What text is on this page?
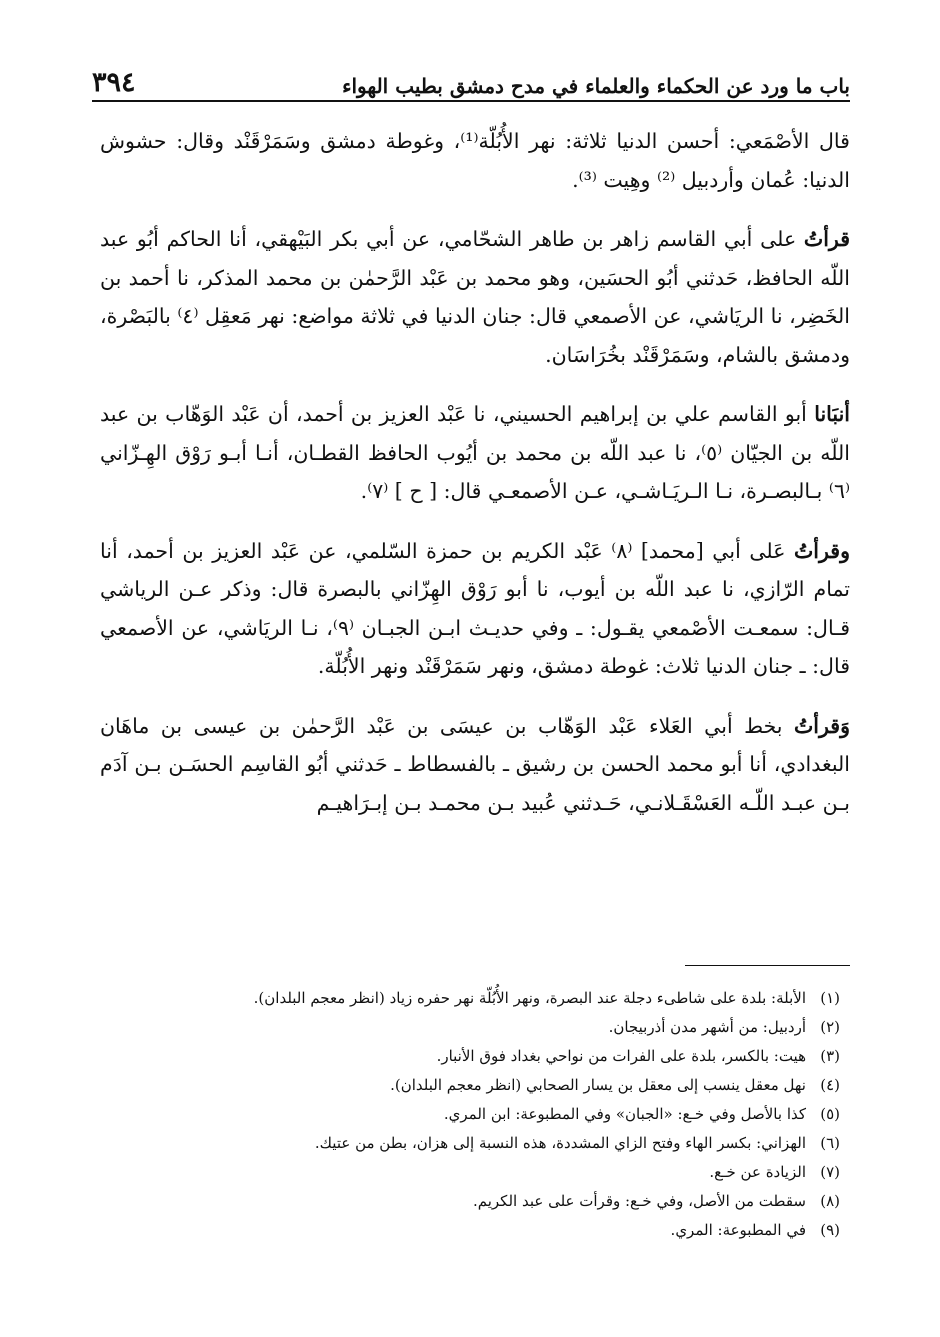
باب ما ورد عن الحكماء والعلماء في مدح دمشق بطيب الهواء
٣٩٤

قال الأصْمَعي: أحسن الدنيا ثلاثة: نهر الأُبُلّة⁽¹⁾، وغوطة دمشق وسَمَرْقَنْد وقال: حشوش الدنيا: عُمان وأردبيل ⁽²⁾ وهِيت ⁽³⁾.

قرأتُ على أبي القاسم زاهر بن طاهر الشحّامي، عن أبي بكر البَيْهقي، أنا الحاكم أبُو عبد اللّه الحافظ، حَدثني أبُو الحسَين، وهو محمد بن عَبْد الرَّحمٰن بن محمد المذكر، نا أحمد بن الخَضِر، نا الريَاشي، عن الأصمعي قال: جنان الدنيا في ثلاثة مواضع: نهر مَعقِل ⁽٤⁾ بالبَصْرة، ودمشق بالشام، وسَمَرْقَنْد بخُرَاسَان.

أنبَانا أبو القاسم علي بن إبراهيم الحسيني، نا عَبْد العزيز بن أحمد، أن عَبْد الوَهّاب بن عبد اللّه بن الجيّان ⁽٥⁾، نا عبد اللّه بن محمد بن أيُوب الحافظ القطـان، أنـا أبـو رَوْق الهِـزّاني ⁽٦⁾ بـالبصـرة، نـا الـريَـاشـي، عـن الأصمعـي قال: [ ح ] ⁽٧⁾.

وقرأتُ عَلى أبي [محمد] ⁽٨⁾ عَبْد الكريم بن حمزة السّلمي، عن عَبْد العزيز بن أحمد، أنا تمام الرّازي، نا عبد اللّه بن أيوب، نا أبو رَوْق الهِزّاني بالبصرة قال: وذكر عـن الرياشي قـال: سمعـت الأصْمعي يقـول: ـ وفي حديـث ابـن الجبـان ⁽٩⁾، نـا الريَاشي، عن الأصمعي قال: ـ جنان الدنيا ثلاث: غوطة دمشق، ونهر سَمَرْقَنْد ونهر الأُبُلّة.

وَقرأتُ بخط أبي العَلاء عَبْد الوَهّاب بن عيسَى بن عَبْد الرَّحمٰن بن عيسى بن ماهَان البغدادي، أنا أبو محمد الحسن بن رشيق ـ بالفسطاط ـ حَدثني أبُو القاسِم الحسَـن بـن آدَم بـن عبـد اللّـه العَسْقَـلانـي، حَـدثني عُبيد بـن محمـد بـن إبـرَاهيـم

(١)
الأبلة: بلدة على شاطىء دجلة عند البصرة، ونهر الأُبُلّة نهر حفره زياد (انظر معجم البلدان).
(٢)
أردبيل: من أشهر مدن أذربيجان.
(٣)
هيت: بالكسر، بلدة على الفرات من نواحي بغداد فوق الأنبار.
(٤)
نهل معقل ينسب إلى معقل بن يسار الصحابي (انظر معجم البلدان).
(٥)
كذا بالأصل وفي خـع: «الجبان» وفي المطبوعة: ابن المري.
(٦)
الهزاني: بكسر الهاء وفتح الزاي المشددة، هذه النسبة إلى هزان، بطن من عتيك.
(٧)
الزيادة عن خـع.
(٨)
سقطت من الأصل، وفي خـع: وقرأت على عبد الكريم.
(٩)
في المطبوعة: المري.
